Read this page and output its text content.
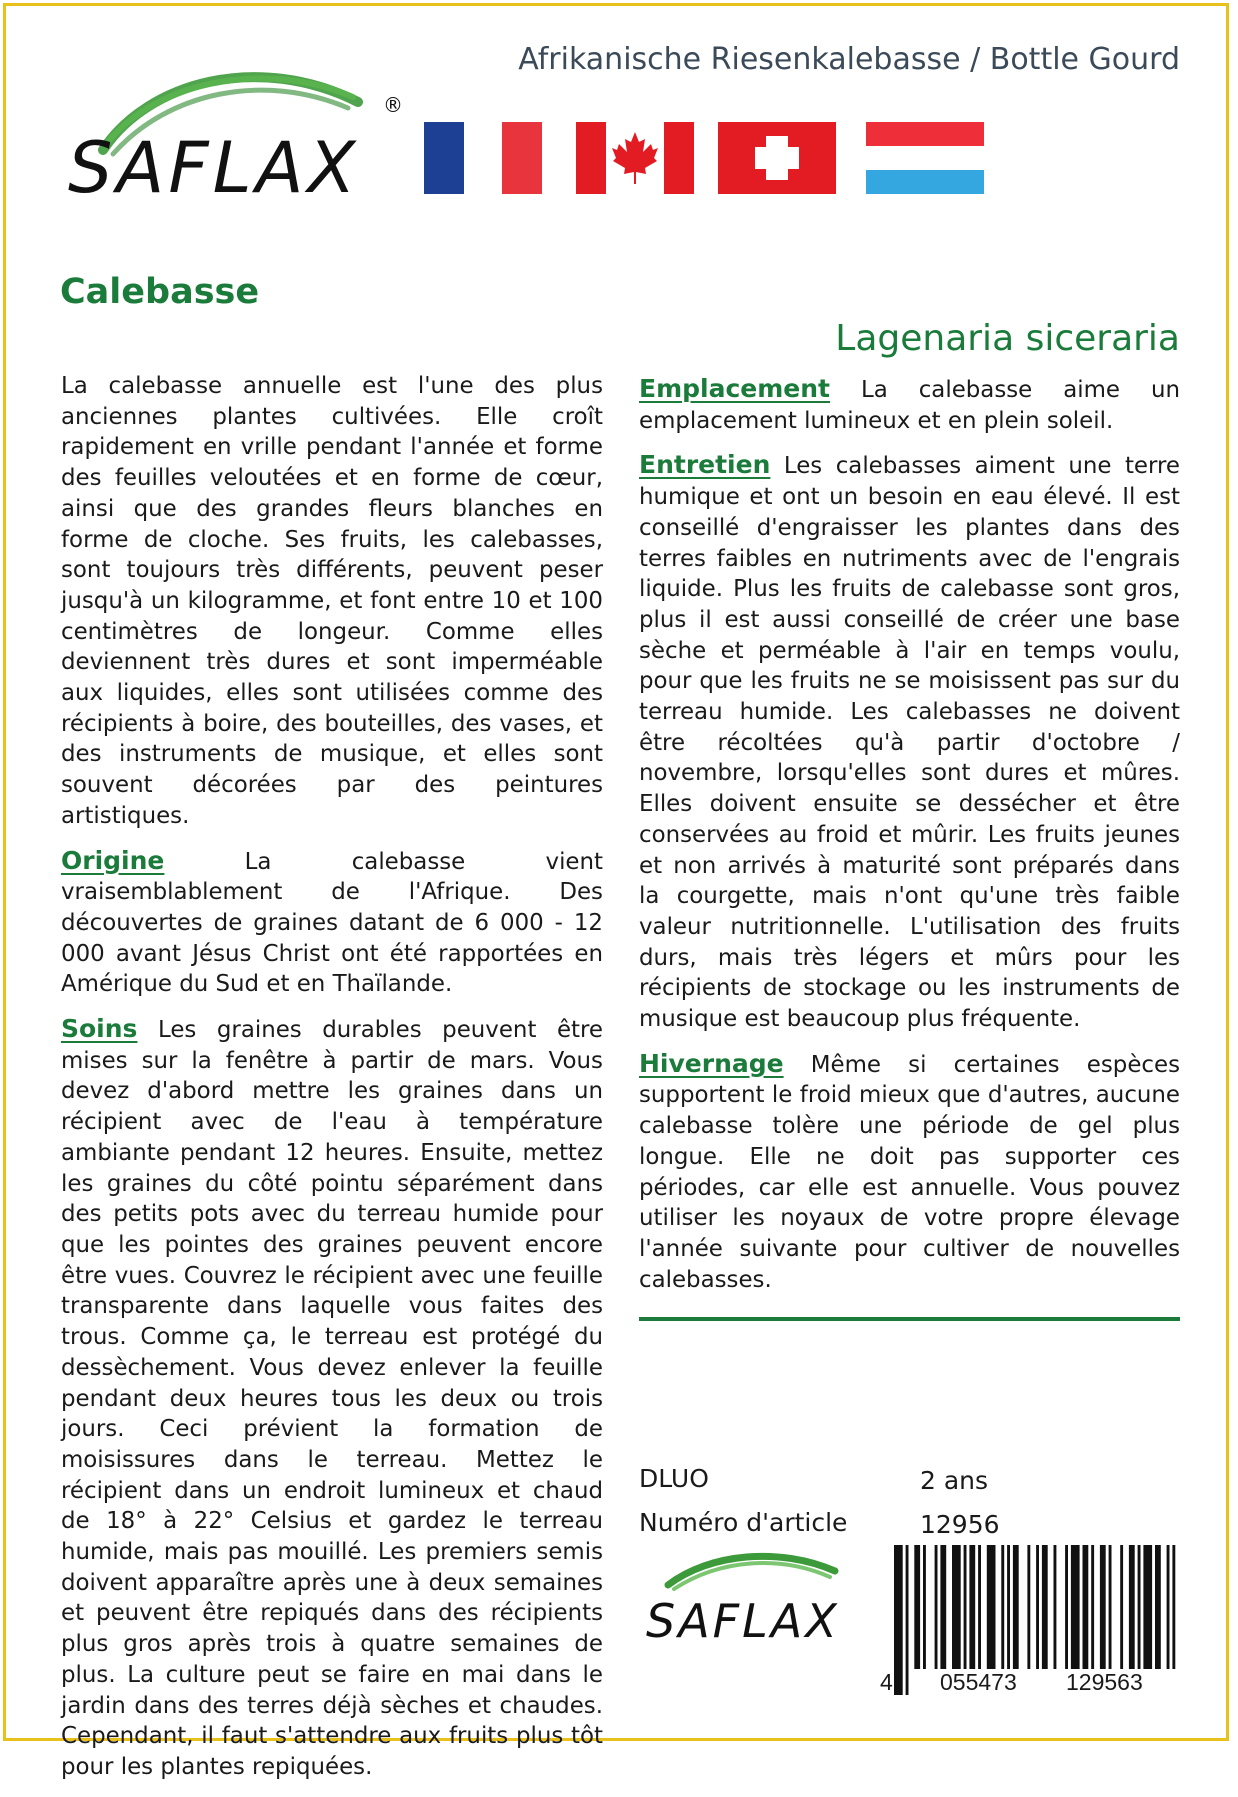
SAFLAX
®
Afrikanische Riesenkalebasse / Bottle Gourd
Calebasse
Lagenaria siceraria

La calebasse annuelle est l'une des plus anciennes plantes cultivées. Elle croît rapidement en vrille pendant l'année et forme des feuilles veloutées et en forme de cœur, ainsi que des grandes fleurs blanches en forme de cloche. Ses fruits, les calebasses, sont toujours très différents, peuvent peser jusqu'à un kilogramme, et font entre 10 et 100 centimètres de longeur. Comme elles deviennent très dures et sont imperméable aux liquides, elles sont utilisées comme des récipients à boire, des bouteilles, des vases, et des instruments de musique, et elles sont souvent décorées par des peintures artistiques.

Origine	La calebasse vient vraisemblablement de l'Afrique. Des découvertes de graines datant de 6 000 - 12 000 avant Jésus Christ ont été rapportées en Amérique du Sud et en Thaïlande.

Soins Les graines durables peuvent être mises sur la fenêtre à partir de mars. Vous devez d'abord mettre les graines dans un récipient avec de l'eau à température ambiante pendant 12 heures. Ensuite, mettez les graines du côté pointu séparément dans des petits pots avec du terreau humide pour que les pointes des graines peuvent encore être vues. Couvrez le récipient avec une feuille transparente dans laquelle vous faites des trous. Comme ça, le terreau est protégé du dessèchement. Vous devez enlever la feuille pendant deux heures tous les deux ou trois jours. Ceci prévient la formation de moisissures dans le terreau. Mettez le récipient dans un endroit lumineux et chaud de 18° à 22° Celsius et gardez le terreau humide, mais pas mouillé. Les premiers semis doivent apparaître après une à deux semaines et peuvent être repiqués dans des récipients plus gros après trois à quatre semaines de plus. La culture peut se faire en mai dans le jardin dans des terres déjà sèches et chaudes. Cependant, il faut s'attendre aux fruits plus tôt pour les plantes repiquées.

Emplacement La calebasse aime un emplacement lumineux et en plein soleil.

Entretien Les calebasses aiment une terre humique et ont un besoin en eau élevé. Il est conseillé d'engraisser les plantes dans des terres faibles en nutriments avec de l'engrais liquide. Plus les fruits de calebasse sont gros, plus il est aussi conseillé de créer une base sèche et perméable à l'air en temps voulu, pour que les fruits ne se moisissent pas sur du terreau humide. Les calebasses ne doivent être récoltées qu'à partir d'octobre / novembre, lorsqu'elles sont dures et mûres. Elles doivent ensuite se dessécher et être conservées au froid et mûrir. Les fruits jeunes et non arrivés à maturité sont préparés dans la courgette, mais n'ont qu'une très faible valeur nutritionnelle. L'utilisation des fruits durs, mais très légers et mûrs pour les récipients de stockage ou les instruments de musique est beaucoup plus fréquente.

Hivernage Même si certaines espèces supportent le froid mieux que d'autres, aucune calebasse tolère une période de gel plus longue. Elle ne doit pas supporter ces périodes, car elle est annuelle. Vous pouvez utiliser les noyaux de votre propre élevage l'année suivante pour cultiver de nouvelles calebasses.

DLUO	2 ans
Numéro d'article	12956
SAFLAX
4 055473 129563
